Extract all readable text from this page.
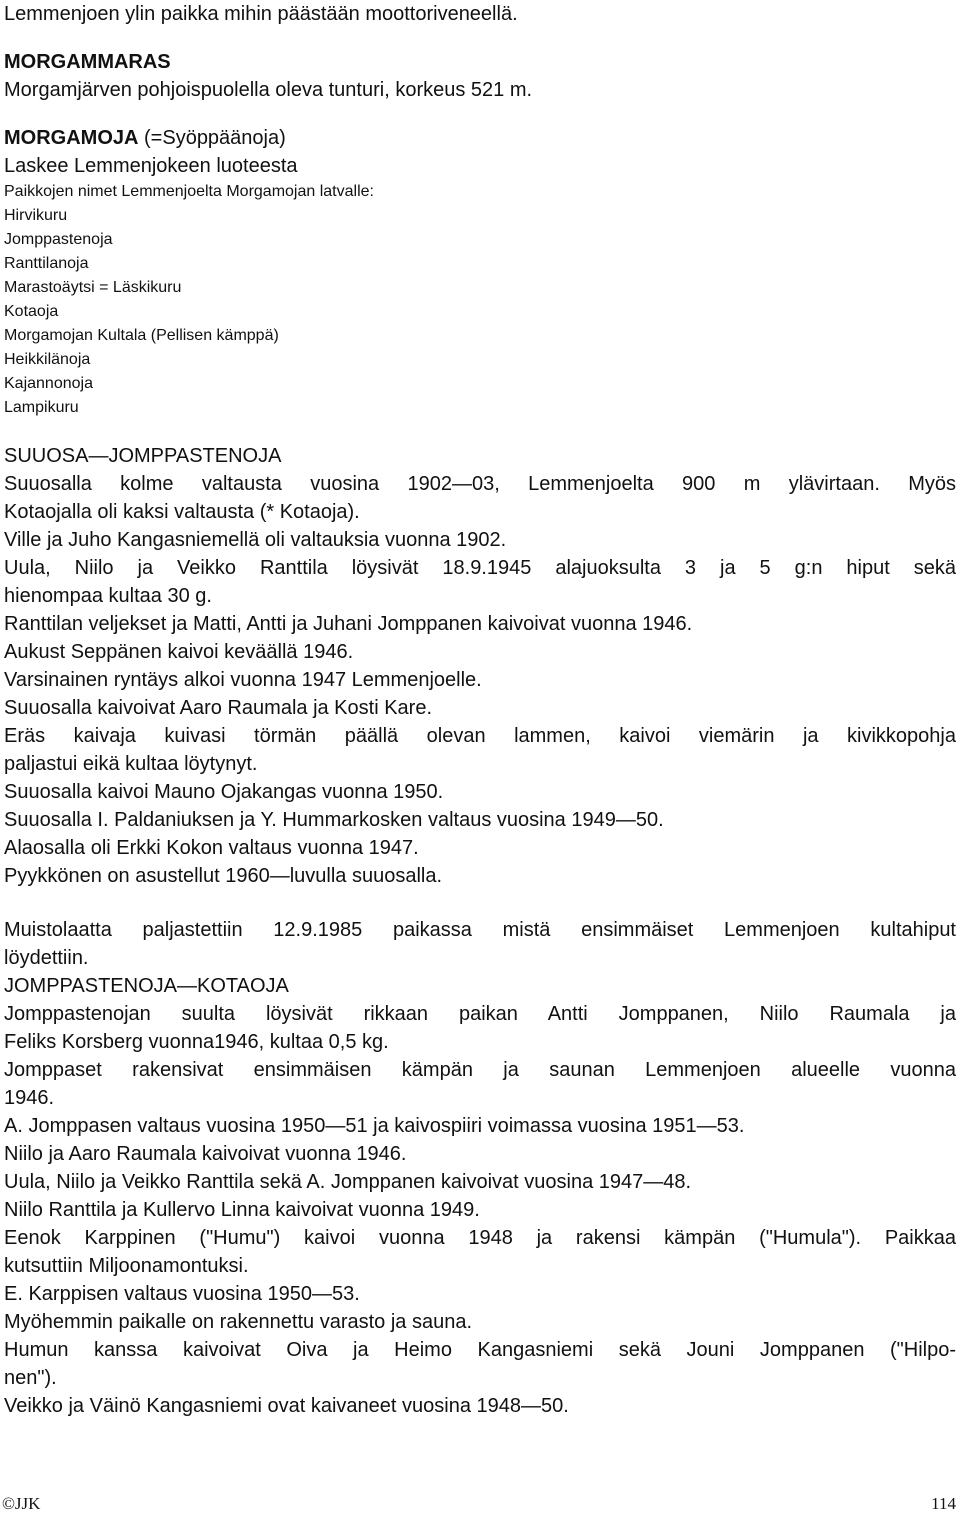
Lemmenjoen ylin paikka mihin päästään moottoriveneellä.
MORGAMMARAS
Morgamjärven pohjoispuolella oleva tunturi, korkeus 521 m.
MORGAMOJA (=Syöppäänoja)
Laskee Lemmenjokeen luoteesta
Paikkojen nimet Lemmenjoelta Morgamojan latvalle:
Hirvikuru
Jomppastenoja
Ranttilanoja
Marastoäytsi = Läskikuru
Kotaoja
Morgamojan Kultala (Pellisen kämppä)
Heikkilänoja
Kajannonoja
Lampikuru
SUUOSA—JOMPPASTENOJA
Suuosalla kolme valtausta vuosina 1902—03, Lemmenjoelta 900 m ylävirtaan. Myös
Kotaojalla oli kaksi valtausta (* Kotaoja).
Ville ja Juho Kangasniemellä oli valtauksia vuonna 1902.
Uula, Niilo ja Veikko Ranttila löysivät 18.9.1945 alajuoksulta 3 ja 5 g:n hiput sekä
hienompaa kultaa 30 g.
Ranttilan veljekset ja Matti, Antti ja Juhani Jomppanen kaivoivat vuonna 1946.
Aukust Seppänen kaivoi keväällä 1946.
Varsinainen ryntäys alkoi vuonna 1947 Lemmenjoelle.
Suuosalla kaivoivat Aaro Raumala ja Kosti Kare.
Eräs kaivaja kuivasi törmän päällä olevan lammen, kaivoi viemärin ja kivikkopohja
paljastui eikä kultaa löytynyt.
Suuosalla kaivoi Mauno Ojakangas vuonna 1950.
Suuosalla I. Paldaniuksen ja Y. Hummarkosken valtaus vuosina 1949—50.
Alaosalla oli Erkki Kokon valtaus vuonna 1947.
Pyykkönen on asustellut 1960—luvulla suuosalla.
Muistolaatta paljastettiin 12.9.1985 paikassa mistä ensimmäiset Lemmenjoen kultahiput
löydettiin.
JOMPPASTENOJA—KOTAOJA
Jomppastenojan suulta löysivät rikkaan paikan Antti Jomppanen, Niilo Raumala ja
Feliks Korsberg vuonna1946, kultaa 0,5 kg.
Jomppaset rakensivat ensimmäisen kämpän ja saunan Lemmenjoen alueelle vuonna
1946.
A. Jomppasen valtaus vuosina 1950—51 ja kaivospiiri voimassa vuosina 1951—53.
Niilo ja Aaro Raumala kaivoivat vuonna 1946.
Uula, Niilo ja Veikko Ranttila sekä A. Jomppanen kaivoivat vuosina 1947—48.
Niilo Ranttila ja Kullervo Linna kaivoivat vuonna 1949.
Eenok Karppinen ("Humu") kaivoi vuonna 1948 ja rakensi kämpän ("Humula"). Paikkaa
kutsuttiin Miljoonamontuksi.
E. Karppisen valtaus vuosina 1950—53.
Myöhemmin paikalle on rakennettu varasto ja sauna.
Humun kanssa kaivoivat Oiva ja Heimo Kangasniemi sekä Jouni Jomppanen ("Hilpo-
nen").
Veikko ja Väinö Kangasniemi ovat kaivaneet vuosina 1948—50.
©JJK	114
